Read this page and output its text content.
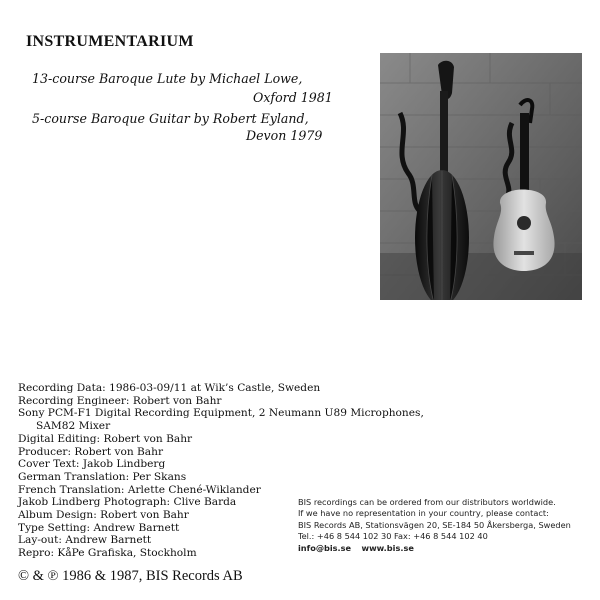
INSTRUMENTARIUM
13-course Baroque Lute by Michael Lowe,
Oxford 1981
5-course Baroque Guitar by Robert Eyland,
Devon 1979
Recording Data: 1986-03-09/11 at Wik’s Castle, Sweden
Recording Engineer: Robert von Bahr
Sony PCM-F1 Digital Recording Equipment, 2 Neumann U89 Microphones,
SAM82 Mixer
Digital Editing: Robert von Bahr
Producer: Robert von Bahr
Cover Text: Jakob Lindberg
German Translation: Per Skans
French Translation: Arlette Chené-Wiklander
Jakob Lindberg Photograph: Clive Barda
Album Design: Robert von Bahr
Type Setting: Andrew Barnett
Lay-out: Andrew Barnett
Repro: KåPe Grafiska, Stockholm
BIS recordings can be ordered from our distributors worldwide.
If we have no representation in your country, please contact:
BIS Records AB, Stationsvägen 20, SE-184 50 Åkersberga, Sweden
Tel.: +46 8 544 102 30 Fax: +46 8 544 102 40
info@bis.se www.bis.se
© & ℗ 1986 & 1987, BIS Records AB
